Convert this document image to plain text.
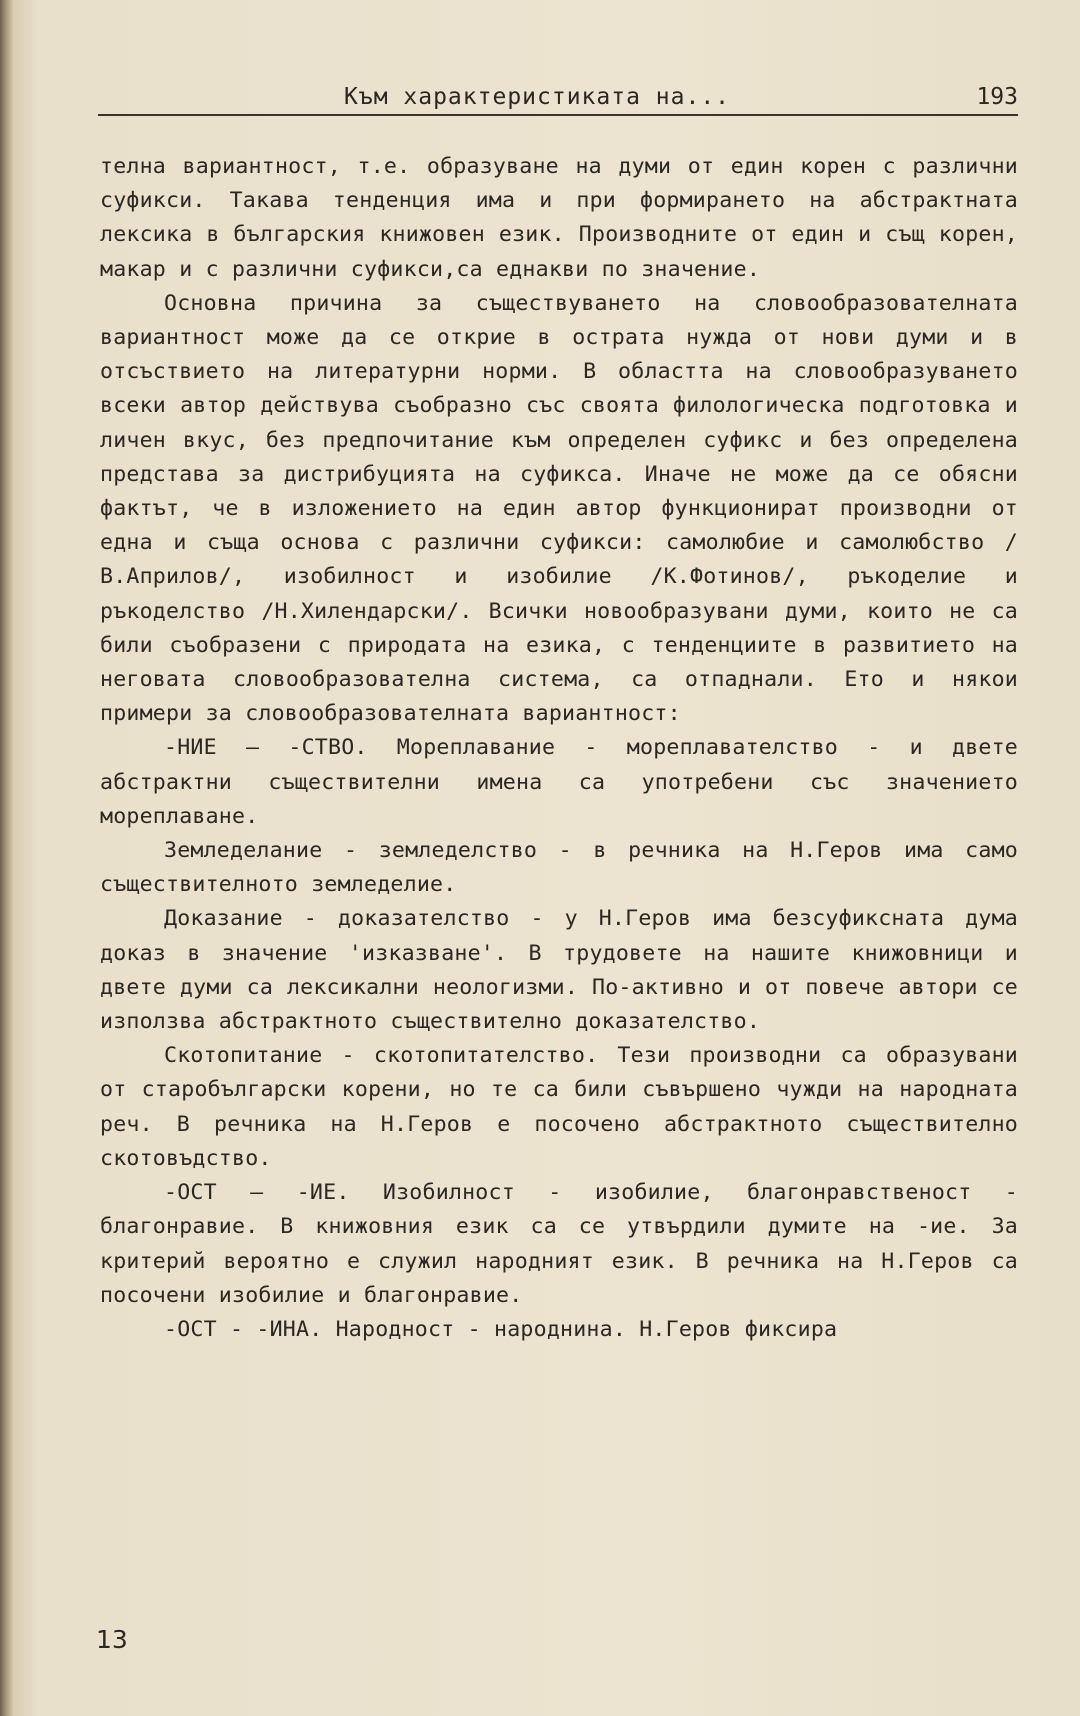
Към характеристиката на...	193

телна вариантност, т.е. образуване на думи от един корен с различни суфикси. Такава тенденция има и при формирането на абстрактната лексика в българския книжовен език. Производните от един и същ корен, макар и с различни суфикси,са еднакви по значение.

Основна причина за съществуването на словообразователната вариантност може да се открие в острата нужда от нови думи и в отсъствието на литературни норми. В областта на словообразуването всеки автор действува съобразно със своята филологическа подготовка и личен вкус, без предпочитание към определен суфикс и без определена представа за дистрибуцията на суфикса. Иначе не може да се обясни фактът, че в изложението на един автор функционират производни от една и съща основа с различни суфикси: самолюбие и самолюбство /В.Априлов/, изобилност и изобилие /К.Фотинов/, ръкоделие и ръкоделство /Н.Хилендарски/. Всички новообразувани думи, които не са били съобразени с природата на езика, с тенденциите в развитието на неговата словообразователна система, са отпаднали. Ето и някои примери за словообразователната вариантност:

-НИЕ — -СТВО. Мореплавание - мореплавателство - и двете абстрактни съществителни имена са употребени със значението мореплаване.

Земледелание - земледелство - в речника на Н.Геров има само съществителното земледелие.

Доказание - доказателство - у Н.Геров има безсуфиксната дума доказ в значение 'изказване'. В трудовете на нашите книжовници и двете думи са лексикални неологизми. По-активно и от повече автори се използва абстрактното съществително доказателство.

Скотопитание - скотопитателство. Тези производни са образувани от старобългарски корени, но те са били съвършено чужди на народната реч. В речника на Н.Геров е посочено абстрактното съществително скотовъдство.

-ОСТ — -ИЕ. Изобилност - изобилие, благонравственост - благонравие. В книжовния език са се утвърдили думите на -ие. За критерий вероятно е служил народният език. В речника на Н.Геров са посочени изобилие и благонравие.

-ОСТ - -ИНА. Народност - народнина. Н.Геров фиксира

13
